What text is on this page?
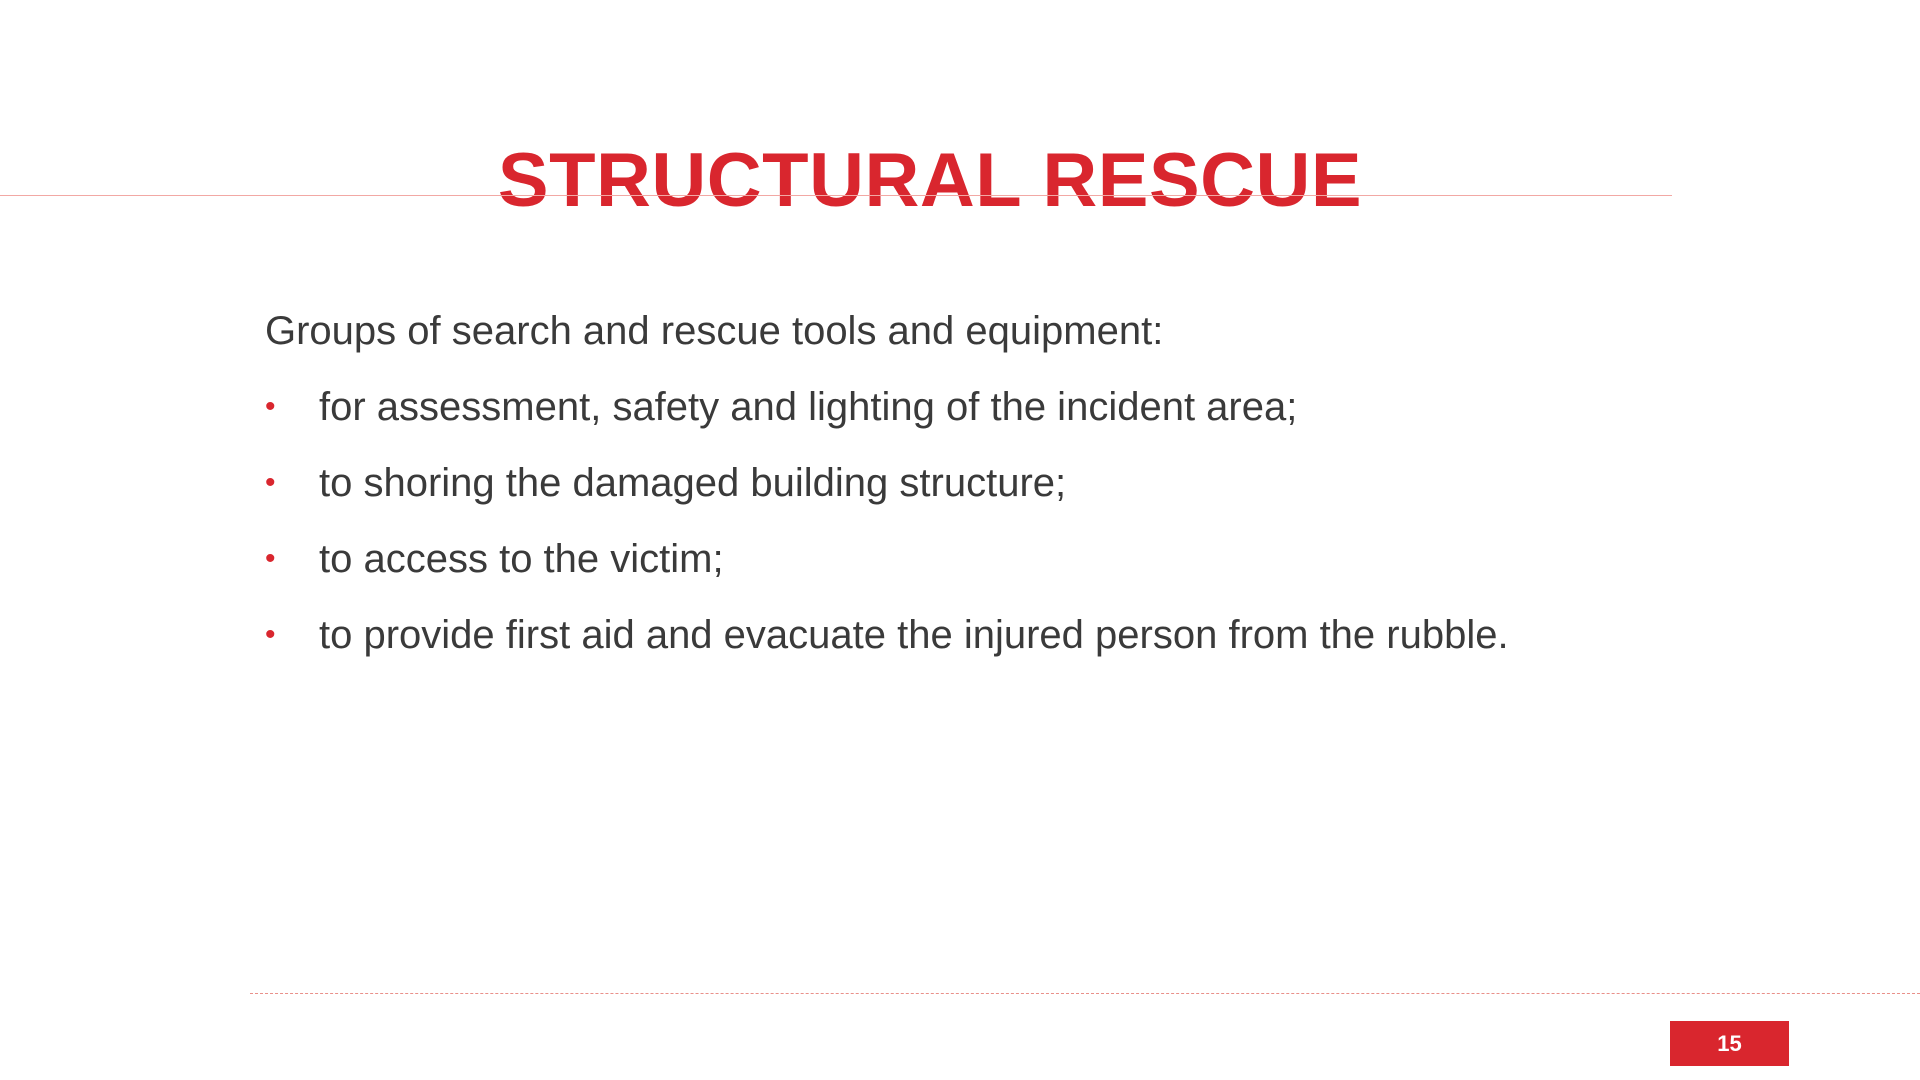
STRUCTURAL RESCUE

Groups of search and rescue tools and equipment:

• for assessment, safety and lighting of the incident area;
• to shoring the damaged building structure;
• to access to the victim;
• to provide first aid and evacuate the injured person from the rubble.
15
